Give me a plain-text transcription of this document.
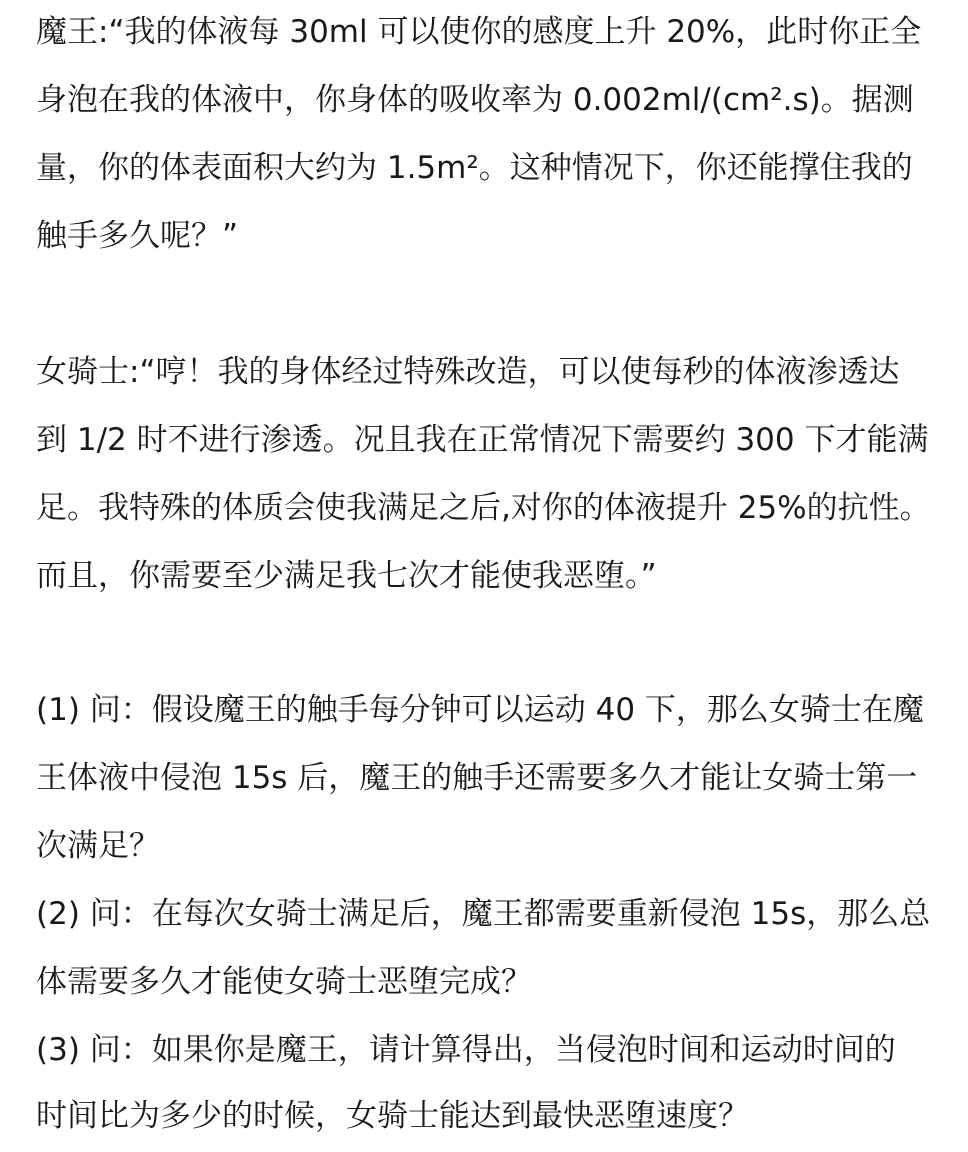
魔王:“我的体液每 30ml 可以使你的感度上升 20%，此时你正全
身泡在我的体液中，你身体的吸收率为 0.002ml/(cm².s)。据测
量，你的体表面积大约为 1.5m²。这种情况下，你还能撑住我的
触手多久呢？”
女骑士:“哼！我的身体经过特殊改造，可以使每秒的体液渗透达
到 1/2 时不进行渗透。况且我在正常情况下需要约 300 下才能满
足。我特殊的体质会使我满足之后,对你的体液提升 25%的抗性。
而且，你需要至少满足我七次才能使我恶堕。”
(1) 问：假设魔王的触手每分钟可以运动 40 下，那么女骑士在魔
王体液中侵泡 15s 后，魔王的触手还需要多久才能让女骑士第一
次满足？
(2) 问：在每次女骑士满足后，魔王都需要重新侵泡 15s，那么总
体需要多久才能使女骑士恶堕完成？
(3) 问：如果你是魔王，请计算得出，当侵泡时间和运动时间的
时间比为多少的时候，女骑士能达到最快恶堕速度？
